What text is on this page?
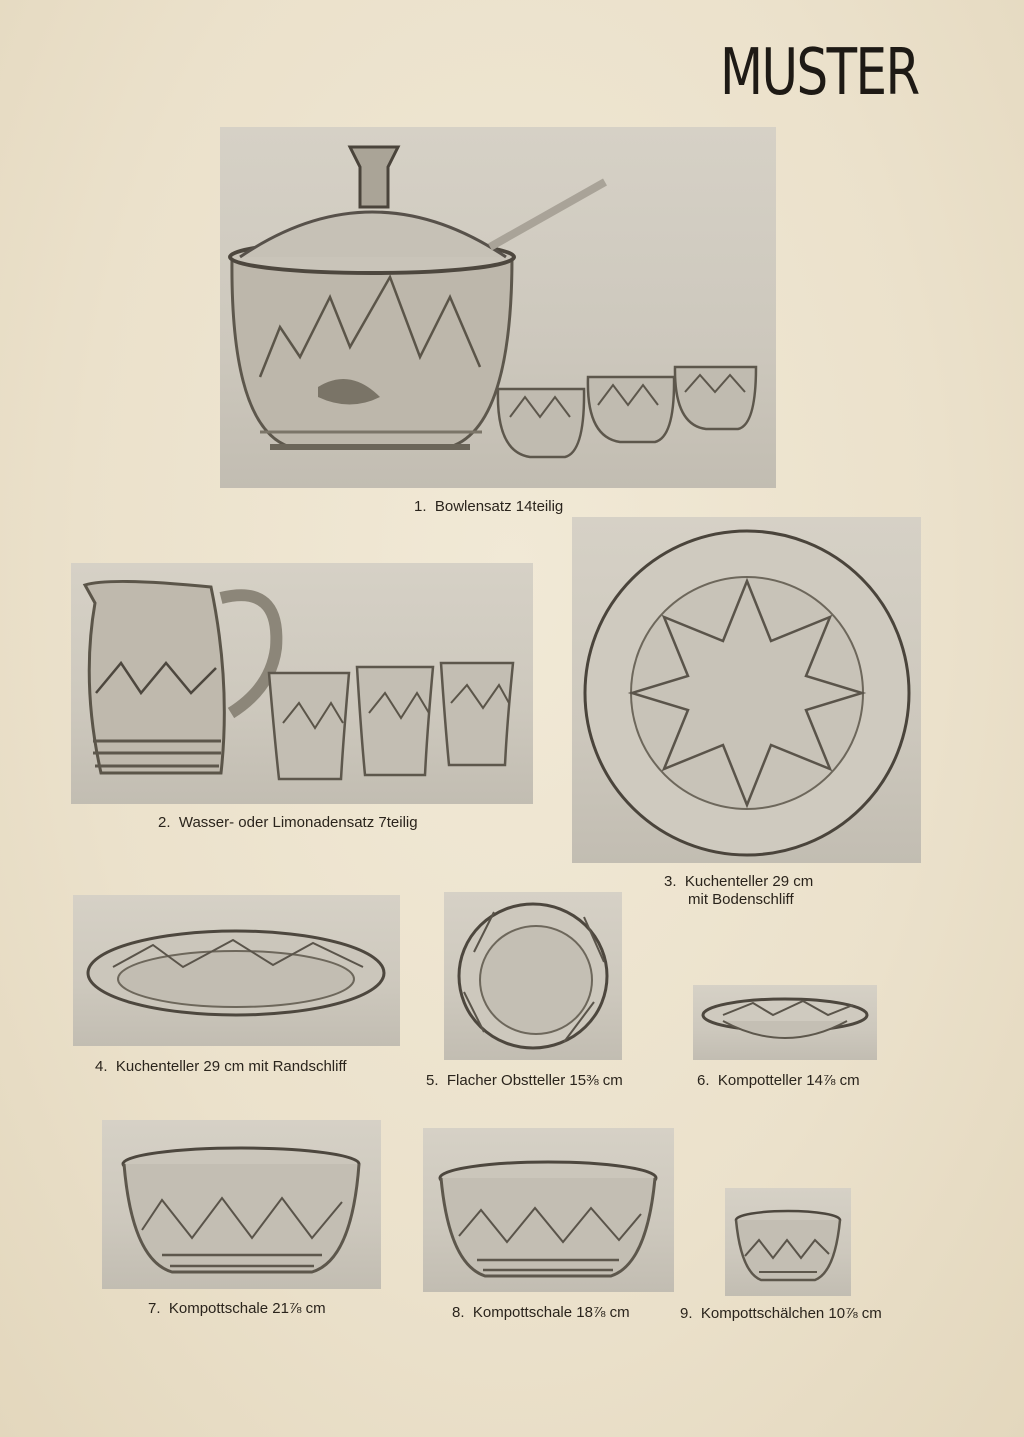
MUSTER
1. Bowlensatz 14teilig
2. Wasser- oder Limonadensatz 7teilig
3. Kuchenteller 29 cm
mit Bodenschliff
4. Kuchenteller 29 cm mit Randschliff
5. Flacher Obstteller 15⅜ cm	6. Kompotteller 14⅞ cm
7. Kompottschale 21⅞ cm	8. Kompottschale 18⅞ cm	9. Kompottschälchen 10⅞ cm
